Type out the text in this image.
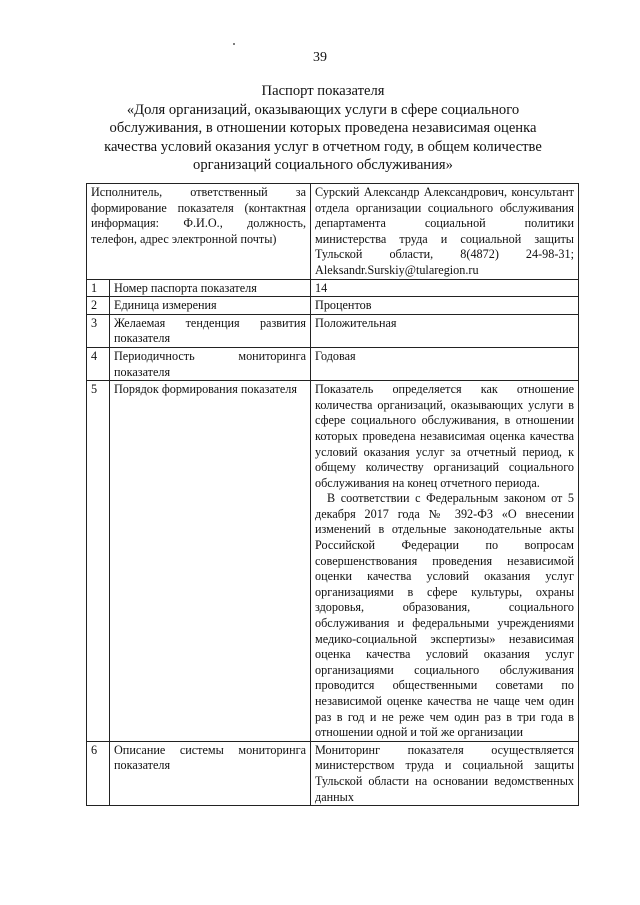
39
Паспорт показателя
«Доля организаций, оказывающих услуги в сфере социального
обслуживания, в отношении которых проведена независимая оценка
качества условий оказания услуг в отчетном году, в общем количестве
организаций социального обслуживания»
Исполнитель, ответственный за формирование показателя (контактная информация: Ф.И.О., должность, телефон, адрес электронной почты)		Сурский Александр Александрович, консультант отдела организации социального обслуживания департамента социальной политики министерства труда и социальной защиты Тульской области, 8(4872) 24-98-31; Aleksandr.Surskiy@tularegion.ru
1	Номер паспорта показателя	14
2	Единица измерения	Процентов
3	Желаемая тенденция развития показателя	Положительная
4	Периодичность мониторинга показателя	Годовая
5	Порядок формирования показателя	Показатель определяется как отношение количества организаций, оказывающих услуги в сфере социального обслуживания, в отношении которых проведена независимая оценка качества условий оказания услуг за отчетный период, к общему количеству организаций социального обслуживания на конец отчетного периода.
В соответствии с Федеральным законом от 5 декабря 2017 года № 392-ФЗ «О внесении изменений в отдельные законодательные акты Российской Федерации по вопросам совершенствования проведения независимой оценки качества условий оказания услуг организациями в сфере культуры, охраны здоровья, образования, социального обслуживания и федеральными учреждениями медико-социальной экспертизы» независимая оценка качества условий оказания услуг организациями социального обслуживания проводится общественными советами по независимой оценке качества не чаще чем один раз в год и не реже чем один раз в три года в отношении одной и той же организации

6	Описание системы мониторинга показателя	Мониторинг показателя осуществляется министерством труда и социальной защиты Тульской области на основании ведомственных данных
